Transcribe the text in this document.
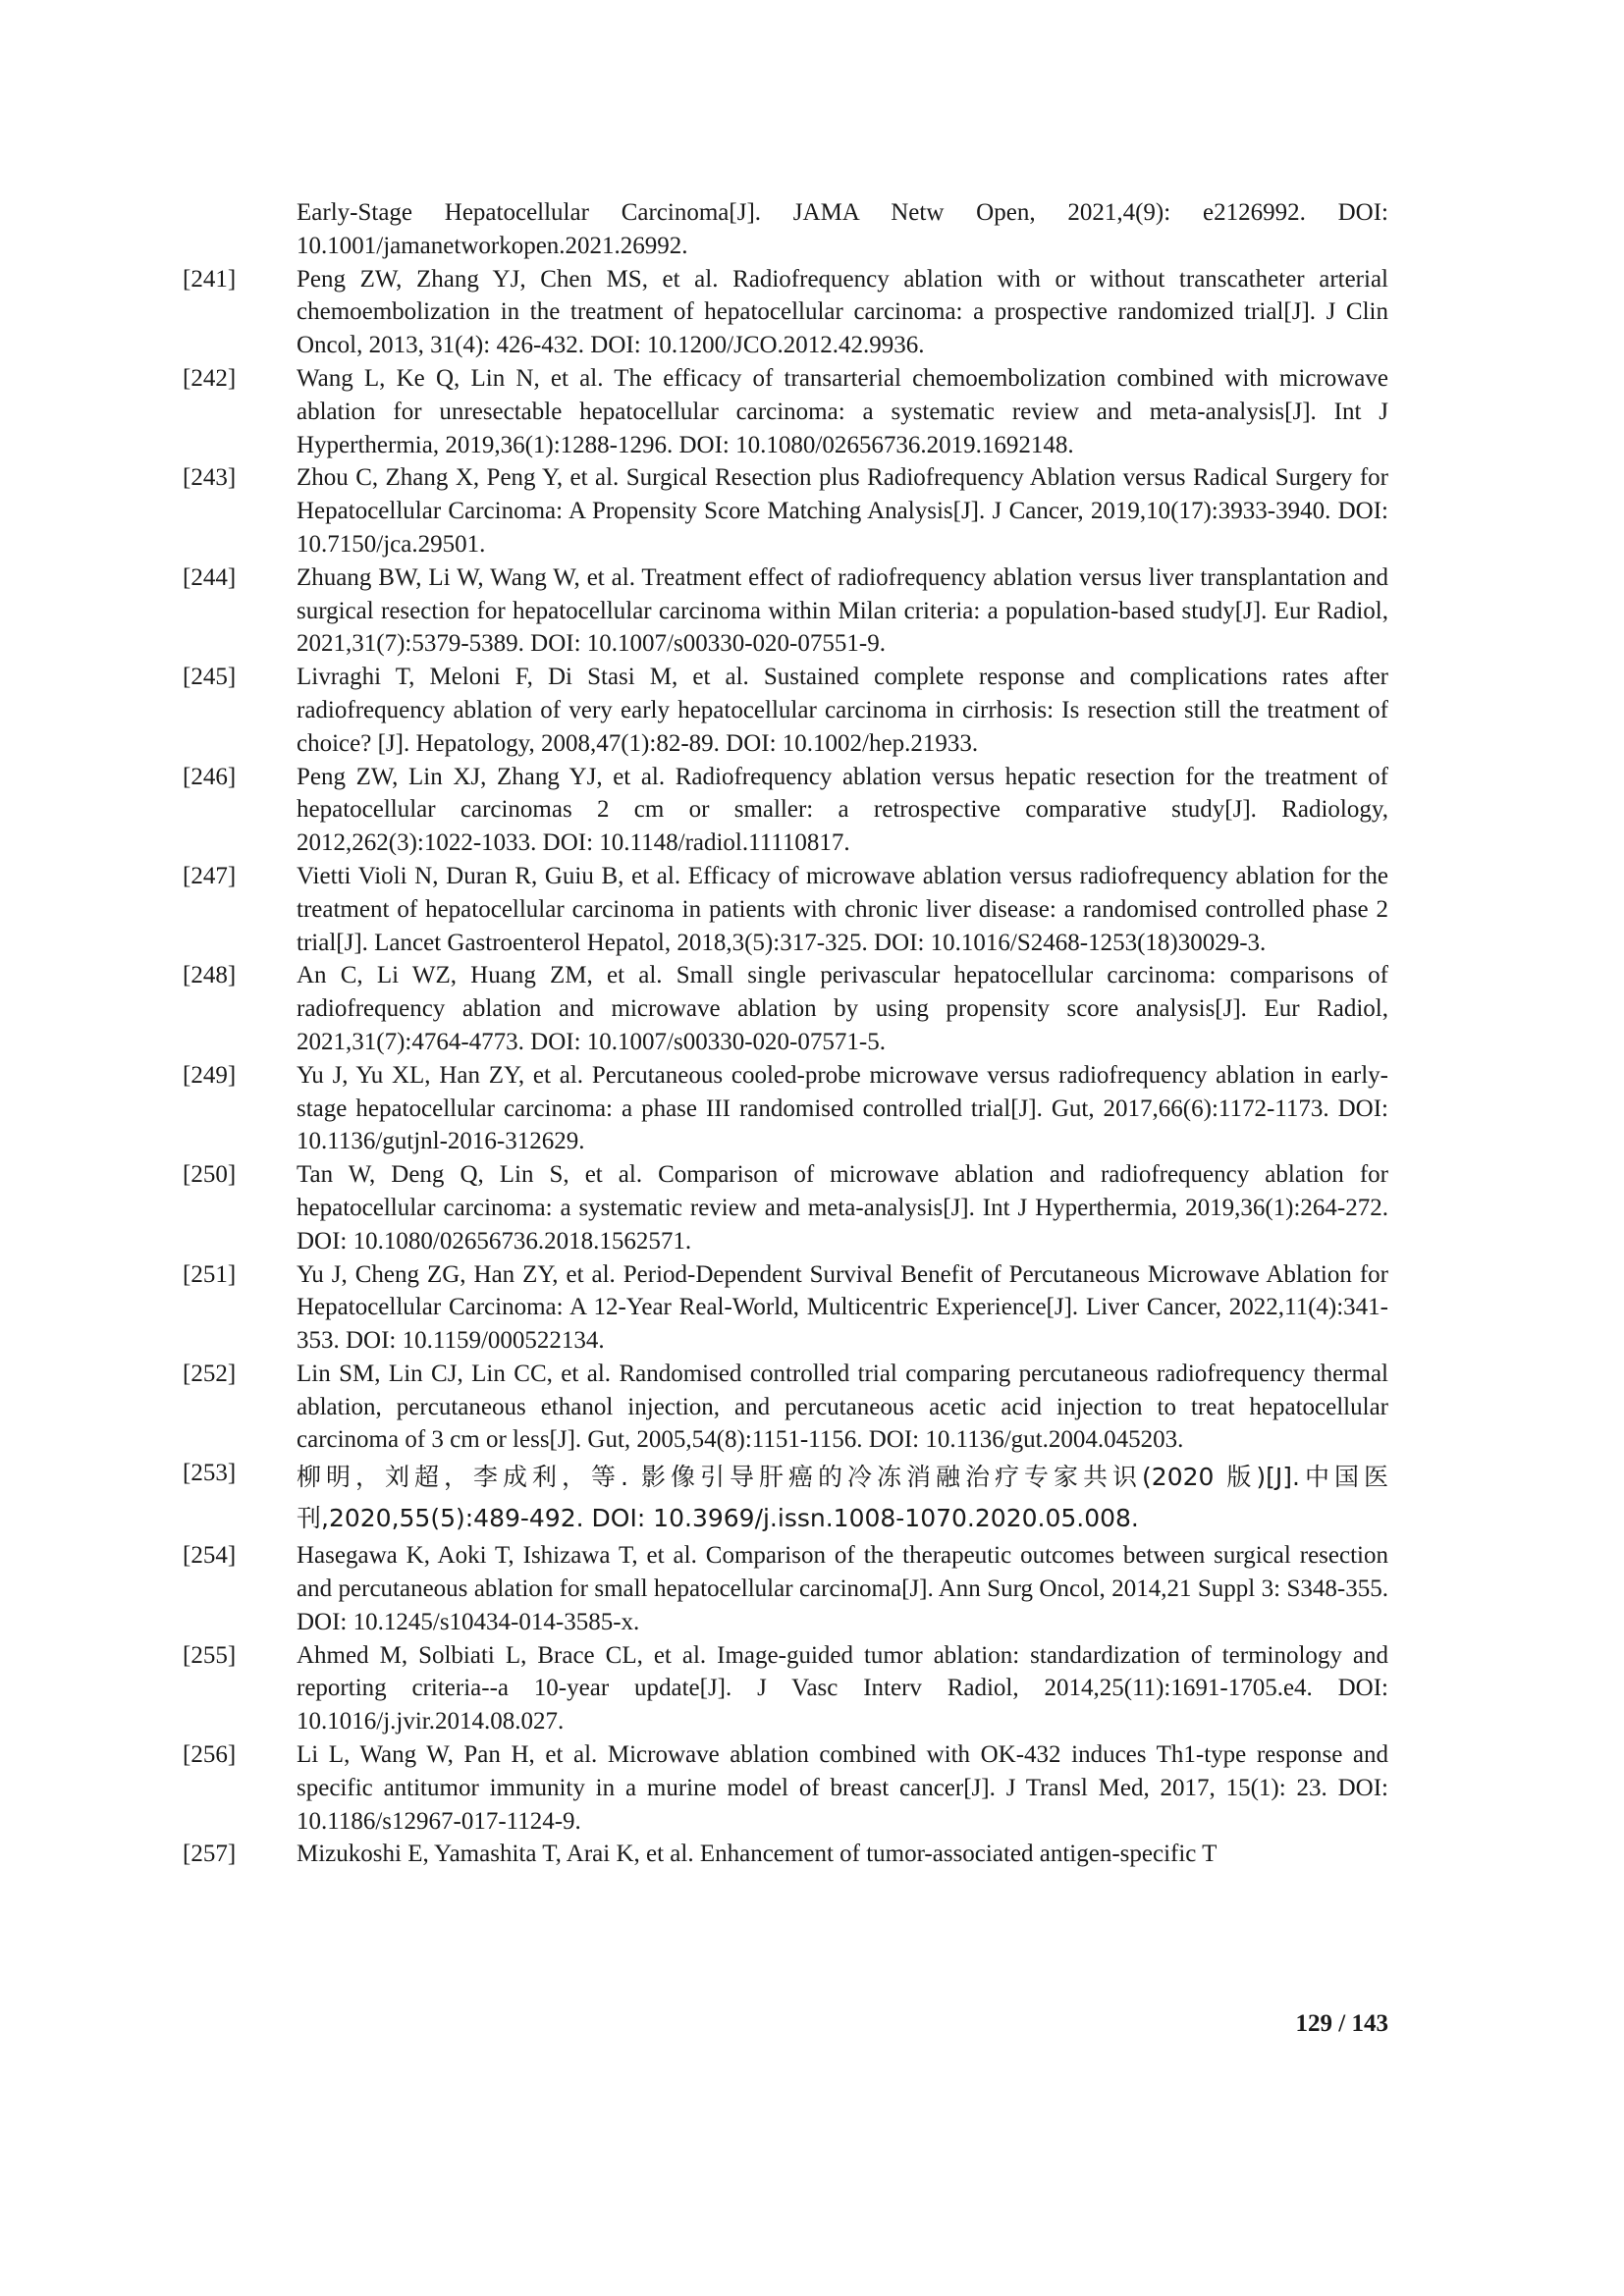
Early-Stage Hepatocellular Carcinoma[J]. JAMA Netw Open, 2021,4(9): e2126992. DOI: 10.1001/jamanetworkopen.2021.26992.
[241]	Peng ZW, Zhang YJ, Chen MS, et al. Radiofrequency ablation with or without transcatheter arterial chemoembolization in the treatment of hepatocellular carcinoma: a prospective randomized trial[J]. J Clin Oncol, 2013, 31(4): 426-432. DOI: 10.1200/JCO.2012.42.9936.
[242]	Wang L, Ke Q, Lin N, et al. The efficacy of transarterial chemoembolization combined with microwave ablation for unresectable hepatocellular carcinoma: a systematic review and meta-analysis[J]. Int J Hyperthermia, 2019,36(1):1288-1296. DOI: 10.1080/02656736.2019.1692148.
[243]	Zhou C, Zhang X, Peng Y, et al. Surgical Resection plus Radiofrequency Ablation versus Radical Surgery for Hepatocellular Carcinoma: A Propensity Score Matching Analysis[J]. J Cancer, 2019,10(17):3933-3940. DOI: 10.7150/jca.29501.
[244]	Zhuang BW, Li W, Wang W, et al. Treatment effect of radiofrequency ablation versus liver transplantation and surgical resection for hepatocellular carcinoma within Milan criteria: a population-based study[J]. Eur Radiol, 2021,31(7):5379-5389. DOI: 10.1007/s00330-020-07551-9.
[245]	Livraghi T, Meloni F, Di Stasi M, et al. Sustained complete response and complications rates after radiofrequency ablation of very early hepatocellular carcinoma in cirrhosis: Is resection still the treatment of choice? [J]. Hepatology, 2008,47(1):82-89. DOI: 10.1002/hep.21933.
[246]	Peng ZW, Lin XJ, Zhang YJ, et al. Radiofrequency ablation versus hepatic resection for the treatment of hepatocellular carcinomas 2 cm or smaller: a retrospective comparative study[J]. Radiology, 2012,262(3):1022-1033. DOI: 10.1148/radiol.11110817.
[247]	Vietti Violi N, Duran R, Guiu B, et al. Efficacy of microwave ablation versus radiofrequency ablation for the treatment of hepatocellular carcinoma in patients with chronic liver disease: a randomised controlled phase 2 trial[J]. Lancet Gastroenterol Hepatol, 2018,3(5):317-325. DOI: 10.1016/S2468-1253(18)30029-3.
[248]	An C, Li WZ, Huang ZM, et al. Small single perivascular hepatocellular carcinoma: comparisons of radiofrequency ablation and microwave ablation by using propensity score analysis[J]. Eur Radiol, 2021,31(7):4764-4773. DOI: 10.1007/s00330-020-07571-5.
[249]	Yu J, Yu XL, Han ZY, et al. Percutaneous cooled-probe microwave versus radiofrequency ablation in early-stage hepatocellular carcinoma: a phase III randomised controlled trial[J]. Gut, 2017,66(6):1172-1173. DOI: 10.1136/gutjnl-2016-312629.
[250]	Tan W, Deng Q, Lin S, et al. Comparison of microwave ablation and radiofrequency ablation for hepatocellular carcinoma: a systematic review and meta-analysis[J]. Int J Hyperthermia, 2019,36(1):264-272. DOI: 10.1080/02656736.2018.1562571.
[251]	Yu J, Cheng ZG, Han ZY, et al. Period-Dependent Survival Benefit of Percutaneous Microwave Ablation for Hepatocellular Carcinoma: A 12-Year Real-World, Multicentric Experience[J]. Liver Cancer, 2022,11(4):341-353. DOI: 10.1159/000522134.
[252]	Lin SM, Lin CJ, Lin CC, et al. Randomised controlled trial comparing percutaneous radiofrequency thermal ablation, percutaneous ethanol injection, and percutaneous acetic acid injection to treat hepatocellular carcinoma of 3 cm or less[J]. Gut, 2005,54(8):1151-1156. DOI: 10.1136/gut.2004.045203.
[253]	柳明，刘超，李成利，等. 影像引导肝癌的冷冻消融治疗专家共识(2020 版)[J].中国医刊,2020,55(5):489-492. DOI: 10.3969/j.issn.1008-1070.2020.05.008.
[254]	Hasegawa K, Aoki T, Ishizawa T, et al. Comparison of the therapeutic outcomes between surgical resection and percutaneous ablation for small hepatocellular carcinoma[J]. Ann Surg Oncol, 2014,21 Suppl 3: S348-355. DOI: 10.1245/s10434-014-3585-x.
[255]	Ahmed M, Solbiati L, Brace CL, et al. Image-guided tumor ablation: standardization of terminology and reporting criteria--a 10-year update[J]. J Vasc Interv Radiol, 2014,25(11):1691-1705.e4. DOI: 10.1016/j.jvir.2014.08.027.
[256]	Li L, Wang W, Pan H, et al. Microwave ablation combined with OK-432 induces Th1-type response and specific antitumor immunity in a murine model of breast cancer[J]. J Transl Med, 2017, 15(1): 23. DOI: 10.1186/s12967-017-1124-9.
[257]	Mizukoshi E, Yamashita T, Arai K, et al. Enhancement of tumor-associated antigen-specific T
129 / 143
